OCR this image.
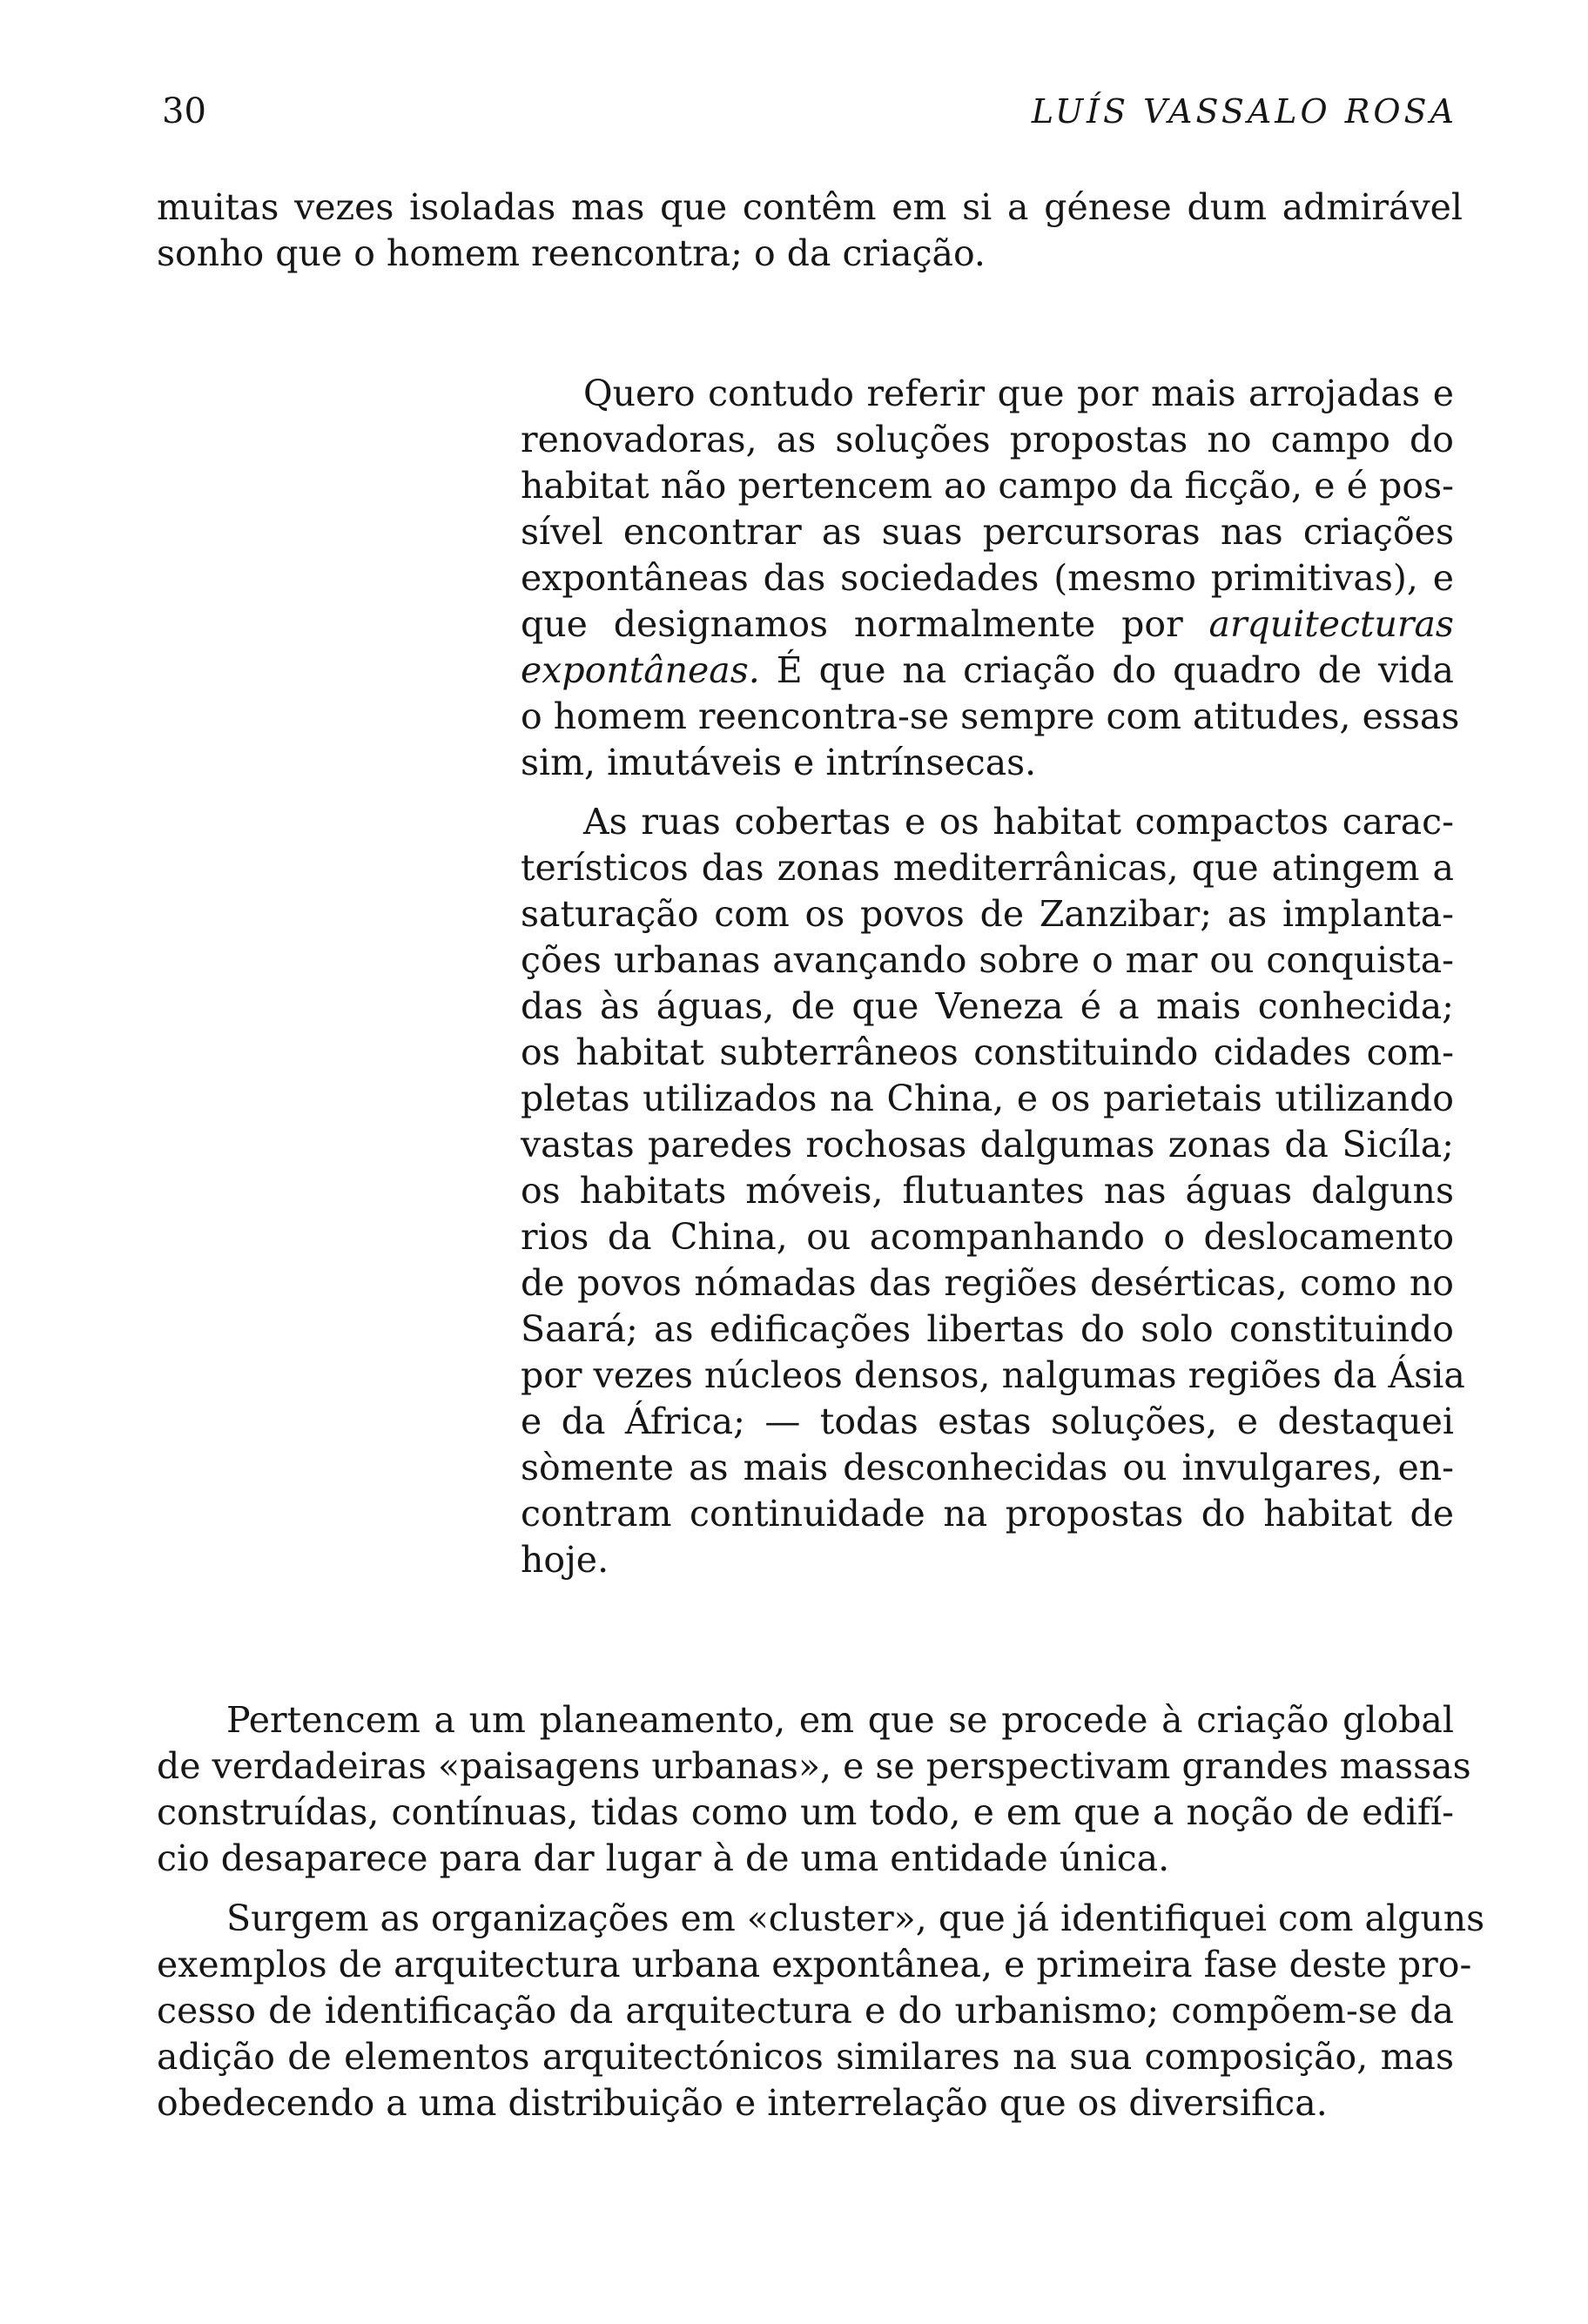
30	LUÍS VASSALO ROSA

muitas vezes isoladas mas que contêm em si a génese dum admirável
sonho que o homem reencontra; o da criação.

Quero contudo referir que por mais arrojadas e
renovadoras, as soluções propostas no campo do
habitat não pertencem ao campo da ficção, e é pos-
sível encontrar as suas percursoras nas criações
expontâneas das sociedades (mesmo primitivas), e
que designamos normalmente por arquitecturas
expontâneas. É que na criação do quadro de vida
o homem reencontra-se sempre com atitudes, essas
sim, imutáveis e intrínsecas.

As ruas cobertas e os habitat compactos carac-
terísticos das zonas mediterrânicas, que atingem a
saturação com os povos de Zanzibar; as implanta-
ções urbanas avançando sobre o mar ou conquista-
das às águas, de que Veneza é a mais conhecida;
os habitat subterrâneos constituindo cidades com-
pletas utilizados na China, e os parietais utilizando
vastas paredes rochosas dalgumas zonas da Sicíla;
os habitats móveis, flutuantes nas águas dalguns
rios da China, ou acompanhando o deslocamento
de povos nómadas das regiões desérticas, como no
Saará; as edificações libertas do solo constituindo
por vezes núcleos densos, nalgumas regiões da Ásia
e da África; — todas estas soluções, e destaquei
sòmente as mais desconhecidas ou invulgares, en-
contram continuidade na propostas do habitat de
hoje.

Pertencem a um planeamento, em que se procede à criação global
de verdadeiras «paisagens urbanas», e se perspectivam grandes massas
construídas, contínuas, tidas como um todo, e em que a noção de edifí-
cio desaparece para dar lugar à de uma entidade única.

Surgem as organizações em «cluster», que já identifiquei com alguns
exemplos de arquitectura urbana expontânea, e primeira fase deste pro-
cesso de identificação da arquitectura e do urbanismo; compõem-se da
adição de elementos arquitectónicos similares na sua composição, mas
obedecendo a uma distribuição e interrelação que os diversifica.
